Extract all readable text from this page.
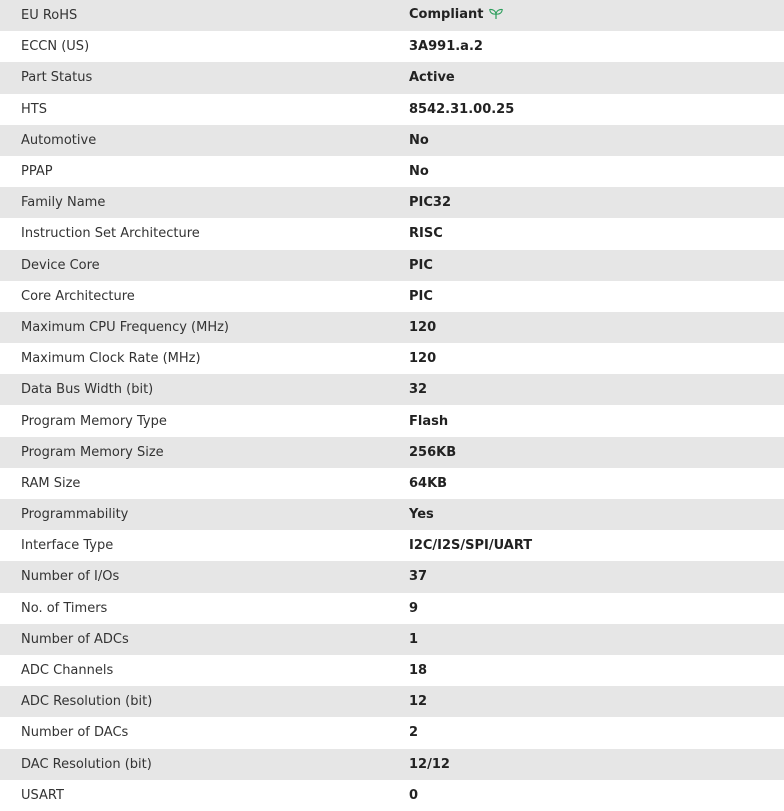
EU RoHS	Compliant
ECCN (US)	3A991.a.2
Part Status	Active
HTS	8542.31.00.25
Automotive	No
PPAP	No
Family Name	PIC32
Instruction Set Architecture	RISC
Device Core	PIC
Core Architecture	PIC
Maximum CPU Frequency (MHz)	120
Maximum Clock Rate (MHz)	120
Data Bus Width (bit)	32
Program Memory Type	Flash
Program Memory Size	256KB
RAM Size	64KB
Programmability	Yes
Interface Type	I2C/I2S/SPI/UART
Number of I/Os	37
No. of Timers	9
Number of ADCs	1
ADC Channels	18
ADC Resolution (bit)	12
Number of DACs	2
DAC Resolution (bit)	12/12
USART	0
